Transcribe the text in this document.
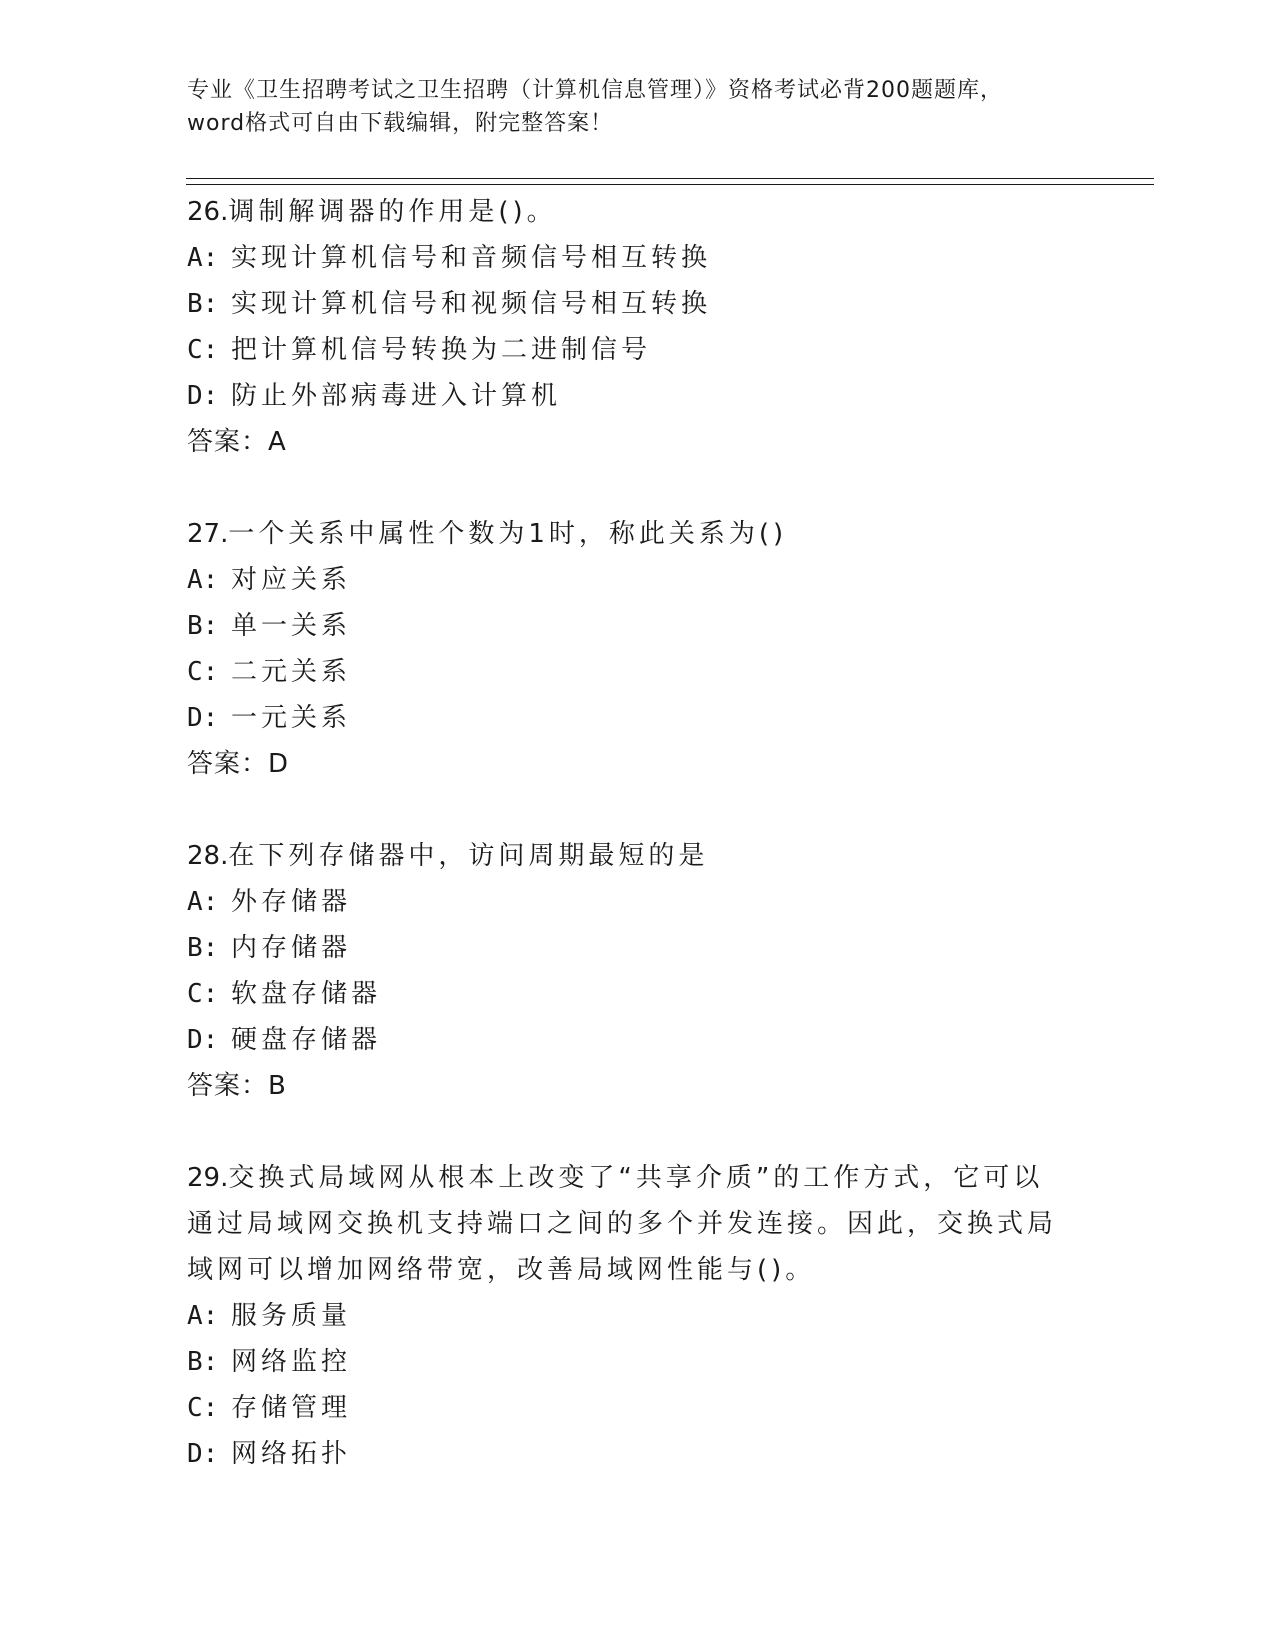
专业《卫生招聘考试之卫生招聘（计算机信息管理）》资格考试必背200题题库，
word格式可自由下载编辑，附完整答案！
26.调制解调器的作用是()。
A: 实现计算机信号和音频信号相互转换
B: 实现计算机信号和视频信号相互转换
C: 把计算机信号转换为二进制信号
D: 防止外部病毒进入计算机
答案：A
27.一个关系中属性个数为1时，称此关系为()
A: 对应关系
B: 单一关系
C: 二元关系
D: 一元关系
答案：D
28.在下列存储器中，访问周期最短的是
A: 外存储器
B: 内存储器
C: 软盘存储器
D: 硬盘存储器
答案：B
29.交换式局域网从根本上改变了“共享介质”的工作方式，它可以通过局域网交换机支持端口之间的多个并发连接。因此，交换式局域网可以增加网络带宽，改善局域网性能与()。
A: 服务质量
B: 网络监控
C: 存储管理
D: 网络拓扑
